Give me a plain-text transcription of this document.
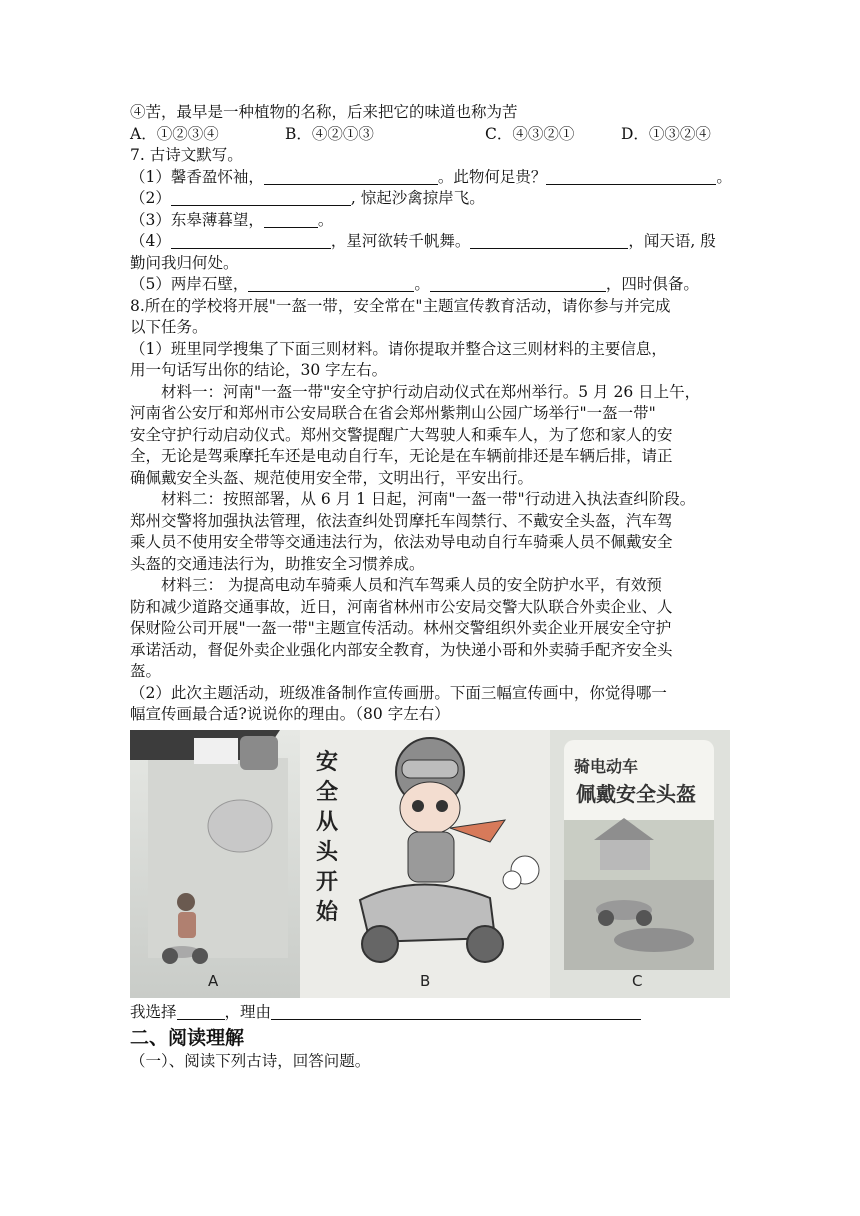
④苦，最早是一种植物的名称，后来把它的味道也称为苦
A．①②③④	B．④②①③	C．④③②①	D．①③②④
7. 古诗文默写。
（1）馨香盈怀袖，	。此物何足贵？	。
（2）	, 惊起沙禽掠岸飞。
（3）东皋薄暮望，	。
（4）	，星河欲转千帆舞。	，闻天语, 殷
勤问我归何处。
（5）两岸石壁，	。	，四时俱备。
8.所在的学校将开展"一盔一带，安全常在"主题宣传教育活动，请你参与并完成
以下任务。
（1）班里同学搜集了下面三则材料。请你提取并整合这三则材料的主要信息，
用一句话写出你的结论，30 字左右。
材料一：河南"一盔一带"安全守护行动启动仪式在郑州举行。5 月 26 日上午，
河南省公安厅和郑州市公安局联合在省会郑州紫荆山公园广场举行"一盔一带"
安全守护行动启动仪式。郑州交警提醒广大驾驶人和乘车人，为了您和家人的安
全，无论是驾乘摩托车还是电动自行车，无论是在车辆前排还是车辆后排，请正
确佩戴安全头盔、规范使用安全带，文明出行，平安出行。
材料二：按照部署，从 6 月 1 日起，河南"一盔一带"行动进入执法查纠阶段。
郑州交警将加强执法管理，依法查纠处罚摩托车闯禁行、不戴安全头盔，汽车驾
乘人员不使用安全带等交通违法行为，依法劝导电动自行车骑乘人员不佩戴安全
头盔的交通违法行为，助推安全习惯养成。
材料三： 为提高电动车骑乘人员和汽车驾乘人员的安全防护水平，有效预
防和减少道路交通事故，近日，河南省林州市公安局交警大队联合外卖企业、人
保财险公司开展"一盔一带"主题宣传活动。林州交警组织外卖企业开展安全守护
承诺活动，督促外卖企业强化内部安全教育，为快递小哥和外卖骑手配齐安全头
盔。
（2）此次主题活动，班级准备制作宣传画册。下面三幅宣传画中，你觉得哪一
幅宣传画最合适?说说你的理由。（80 字左右）
A
安
全
从
头
开
始
B
骑电动车
佩戴安全头盔
C
我选择	，理由
二、阅读理解
（一）、阅读下列古诗，回答问题。
